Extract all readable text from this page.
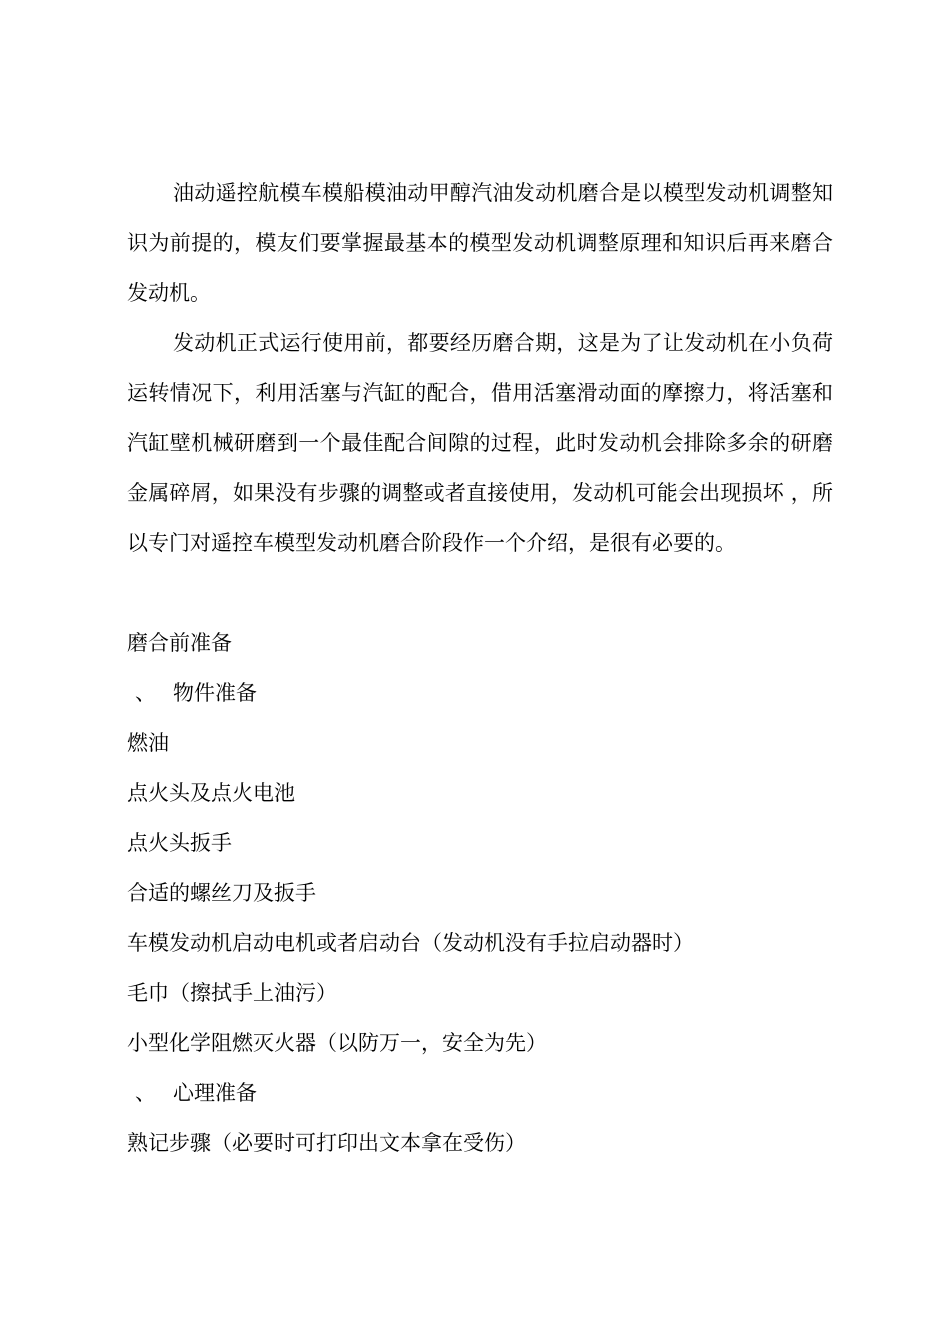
油动遥控航模车模船模油动甲醇汽油发动机磨合是以模型发动机调整知识为前提的，模友们要掌握最基本的模型发动机调整原理和知识后再来磨合发动机。

发动机正式运行使用前，都要经历磨合期，这是为了让发动机在小负荷运转情况下，利用活塞与汽缸的配合，借用活塞滑动面的摩擦力，将活塞和汽缸壁机械研磨到一个最佳配合间隙的过程，此时发动机会排除多余的研磨金属碎屑，如果没有步骤的调整或者直接使用，发动机可能会出现损坏 ，所以专门对遥控车模型发动机磨合阶段作一个介绍，是很有必要的。

磨合前准备
、 物件准备
燃油
点火头及点火电池
点火头扳手
合适的螺丝刀及扳手
车模发动机启动电机或者启动台（发动机没有手拉启动器时）
毛巾（擦拭手上油污）
小型化学阻燃灭火器（以防万一，安全为先）
、 心理准备
熟记步骤（必要时可打印出文本拿在受伤）
